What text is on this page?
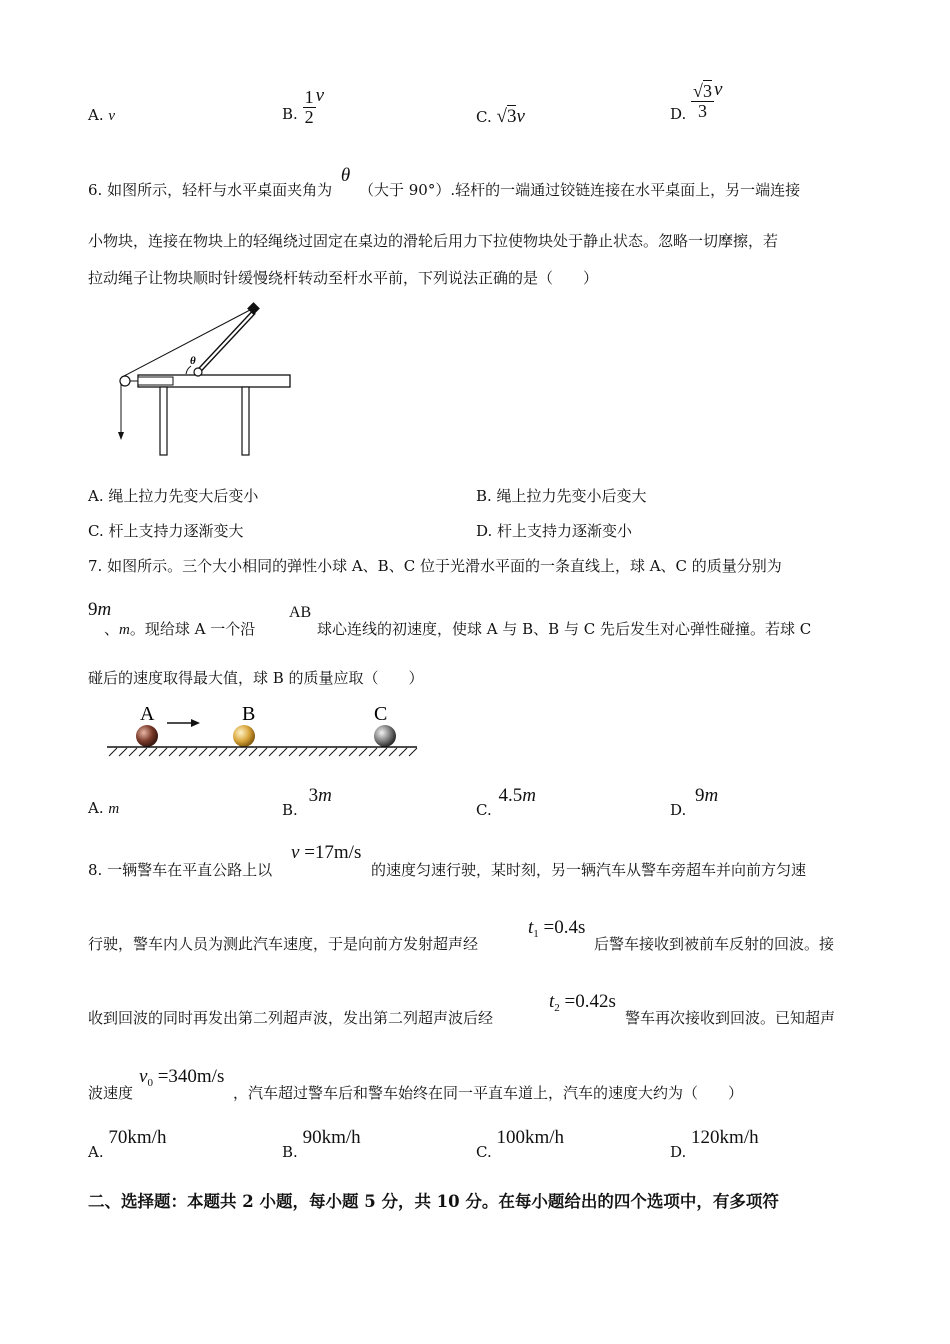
A. v	B. $\frac{1}{2}$ v
C. √3v	D. $\frac{√3}{3}$ v
6. 如图所示，轻杆与水平桌面夹角为 θ （大于 90°）.轻杆的一端通过铰链连接在水平桌面上，另一端连接
小物块，连接在物块上的轻绳绕过固定在桌边的滑轮后用力下拉使物块处于静止状态。忽略一切摩擦，若
拉动绳子让物块顺时针缓慢绕杆转动至杆水平前，下列说法正确的是（　　）
θ
A. 绳上拉力先变大后变小	B. 绳上拉力先变小后变大
C. 杆上支持力逐渐变大	D. 杆上支持力逐渐变小
7. 如图所示。三个大小相同的弹性小球 A、B、C 位于光滑水平面的一条直线上，球 A、C 的质量分别为
9m
、m。现给球 A 一个沿
AB
球心连线的初速度，使球 A 与 B、B 与 C 先后发生对心弹性碰撞。若球 C
碰后的速度取得最大值，球 B 的质量应取（　　）
A	B	C
A. m	B. 3m
C. 4.5m
D. 9m
8. 一辆警车在平直公路上以
v =17m/s
的速度匀速行驶，某时刻，另一辆汽车从警车旁超车并向前方匀速
行驶，警车内人员为测此汽车速度，于是向前方发射超声经
$t_1 =0.4s$
后警车接收到被前车反射的回波。接
收到回波的同时再发出第二列超声波，发出第二列超声波后经
$t_2 =0.42s$
警车再次接收到回波。已知超声
波速度
$v_0 =340m/s$
，汽车超过警车后和警车始终在同一平直车道上，汽车的速度大约为（　　）
A. 70km/h
B. 90km/h
C. 100km/h
D. 120km/h
二、选择题：本题共 2 小题，每小题 5 分，共 10 分。在每小题给出的四个选项中，有多项符
